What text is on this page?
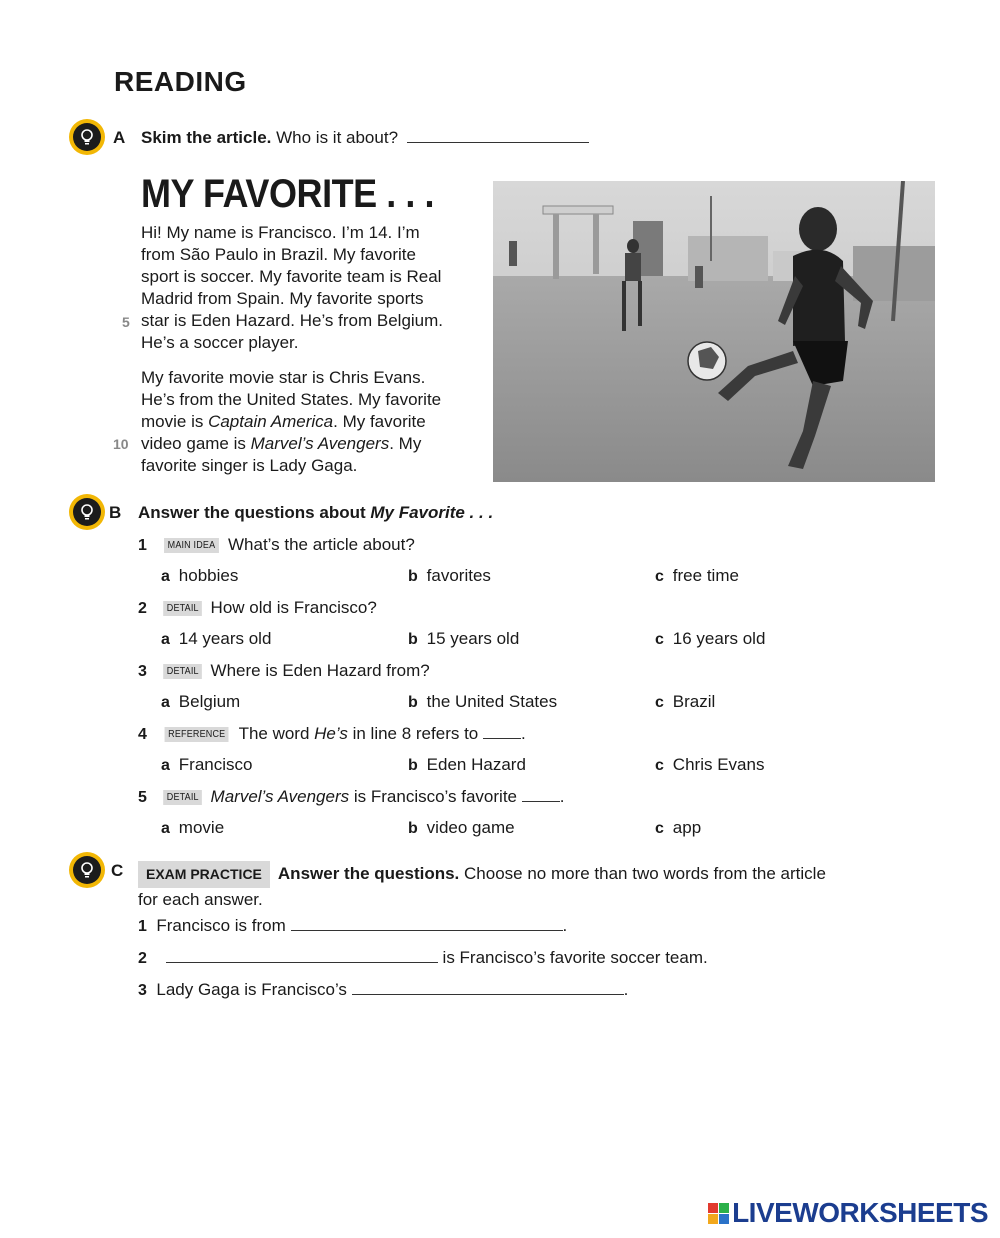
READING
A Skim the article. Who is it about?
MY FAVORITE . . .
Hi! My name is Francisco. I’m 14. I’m
from São Paulo in Brazil. My favorite
sport is soccer. My favorite team is Real
Madrid from Spain. My favorite sports
star is Eden Hazard. He’s from Belgium.
He’s a soccer player.
5
My favorite movie star is Chris Evans.
He’s from the United States. My favorite
movie is Captain America. My favorite
video game is Marvel’s Avengers. My
favorite singer is Lady Gaga.
10
B Answer the questions about My Favorite . . .
1 MAIN IDEA What’s the article about?
a hobbies	b favorites	c free time
2 DETAIL How old is Francisco?
a 14 years old	b 15 years old	c 16 years old
3 DETAIL Where is Eden Hazard from?
a Belgium	b the United States	c Brazil
4 REFERENCE The word He’s in line 8 refers to	.
a Francisco	b Eden Hazard	c Chris Evans
5 DETAIL Marvel’s Avengers is Francisco’s favorite	.
a movie	b video game	c app
C	EXAM PRACTICE Answer the questions. Choose no more than two words from the article
for each answer.
1 Francisco is from	.
2	is Francisco’s favorite soccer team.
3 Lady Gaga is Francisco’s	.
LIVEWORKSHEETS
